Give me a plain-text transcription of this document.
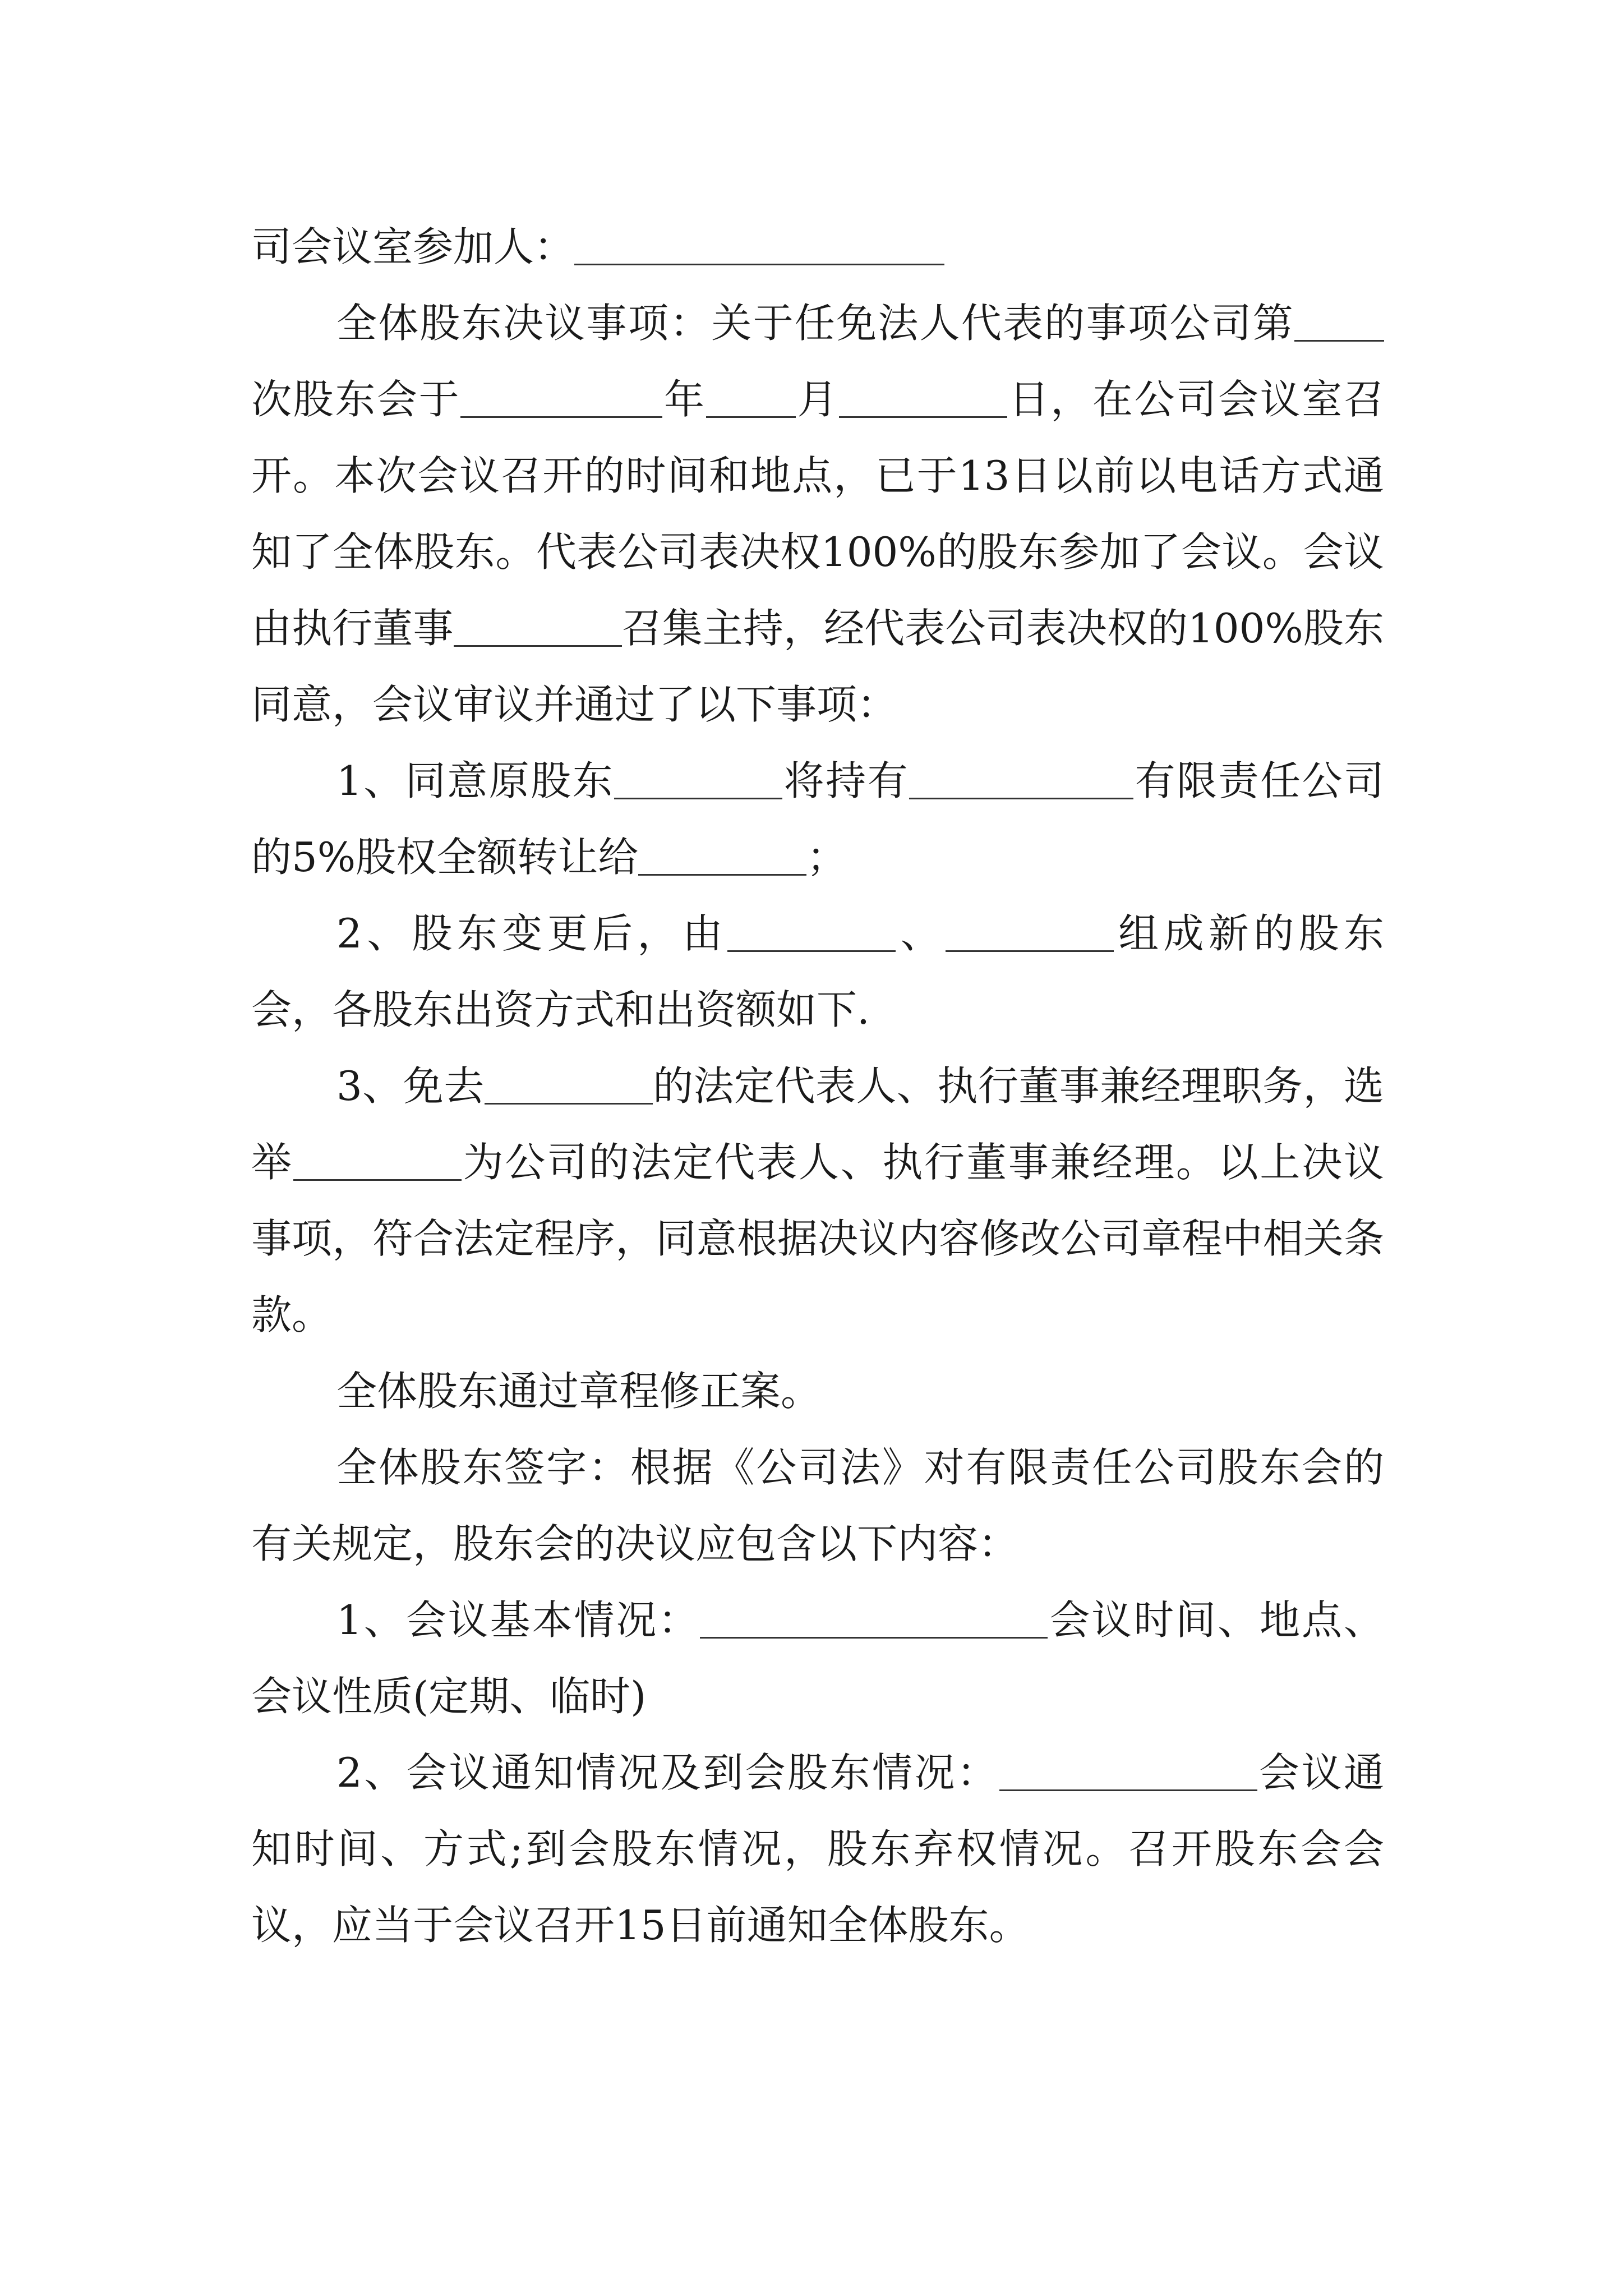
司会议室参加人：

全体股东决议事项：关于任免法人代表的事项公司第次股东会于	年 月	日，在公司会议室召开。本次会议召开的时间和地点，已于13日以前以电话方式通知了全体股东。代表公司表决权100%的股东参加了会议。会议由执行董事	召集主持，经代表公司表决权的100%股东同意，会议审议并通过了以下事项：

1、同意原股东	将持有	有限责任公司的5%股权全额转让给	；

2、股东变更后，由	、	组成新的股东会，各股东出资方式和出资额如下.

3、免去	的法定代表人、执行董事兼经理职务，选举	为公司的法定代表人、执行董事兼经理。以上决议事项，符合法定程序，同意根据决议内容修改公司章程中相关条款。

全体股东通过章程修正案。

全体股东签字：根据《公司法》对有限责任公司股东会的有关规定，股东会的决议应包含以下内容：

1、会议基本情况：	会议时间、地点、会议性质(定期、临时)

2、会议通知情况及到会股东情况：	会议通知时间、方式;到会股东情况，股东弃权情况。召开股东会会议，应当于会议召开15日前通知全体股东。
